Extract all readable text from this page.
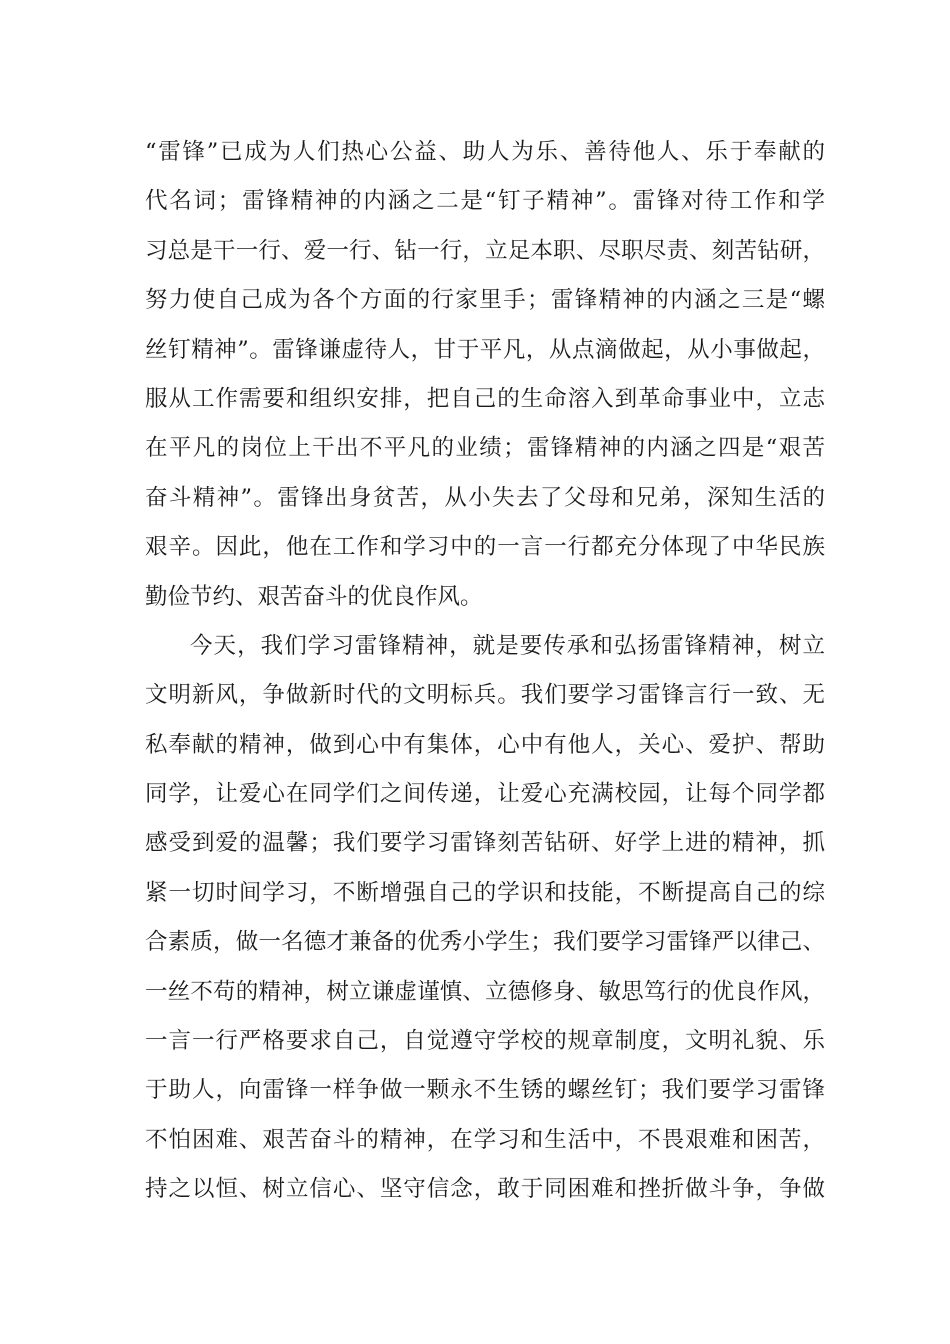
“雷锋”已成为人们热心公益、助人为乐、善待他人、乐于奉献的
代名词；雷锋精神的内涵之二是“钉子精神”。雷锋对待工作和学
习总是干一行、爱一行、钻一行，立足本职、尽职尽责、刻苦钻研，
努力使自己成为各个方面的行家里手；雷锋精神的内涵之三是“螺
丝钉精神”。雷锋谦虚待人，甘于平凡，从点滴做起，从小事做起，
服从工作需要和组织安排，把自己的生命溶入到革命事业中，立志
在平凡的岗位上干出不平凡的业绩；雷锋精神的内涵之四是“艰苦
奋斗精神”。雷锋出身贫苦，从小失去了父母和兄弟，深知生活的
艰辛。因此，他在工作和学习中的一言一行都充分体现了中华民族
勤俭节约、艰苦奋斗的优良作风。
今天，我们学习雷锋精神，就是要传承和弘扬雷锋精神，树立
文明新风，争做新时代的文明标兵。我们要学习雷锋言行一致、无
私奉献的精神，做到心中有集体，心中有他人，关心、爱护、帮助
同学，让爱心在同学们之间传递，让爱心充满校园，让每个同学都
感受到爱的温馨；我们要学习雷锋刻苦钻研、好学上进的精神，抓
紧一切时间学习，不断增强自己的学识和技能，不断提高自己的综
合素质，做一名德才兼备的优秀小学生；我们要学习雷锋严以律己、
一丝不苟的精神，树立谦虚谨慎、立德修身、敏思笃行的优良作风，
一言一行严格要求自己，自觉遵守学校的规章制度，文明礼貌、乐
于助人，向雷锋一样争做一颗永不生锈的螺丝钉；我们要学习雷锋
不怕困难、艰苦奋斗的精神，在学习和生活中，不畏艰难和困苦，
持之以恒、树立信心、坚守信念，敢于同困难和挫折做斗争，争做
